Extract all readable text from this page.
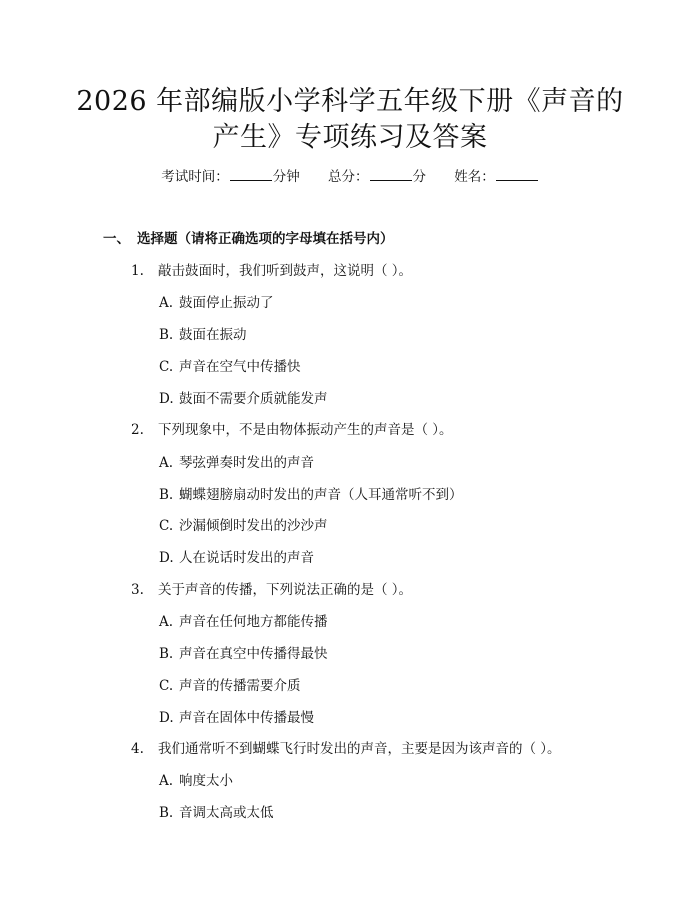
2026 年部编版小学科学五年级下册《声音的
产生》专项练习及答案
考试时间：	分钟 总分：	分 姓名：
一、 选择题（请将正确选项的字母填在括号内）
1. 敲击鼓面时，我们听到鼓声，这说明（ ）。
A. 鼓面停止振动了
B. 鼓面在振动
C. 声音在空气中传播快
D. 鼓面不需要介质就能发声
2. 下列现象中，不是由物体振动产生的声音是（ ）。
A. 琴弦弹奏时发出的声音
B. 蝴蝶翅膀扇动时发出的声音（人耳通常听不到）
C. 沙漏倾倒时发出的沙沙声
D. 人在说话时发出的声音
3. 关于声音的传播，下列说法正确的是（ ）。
A. 声音在任何地方都能传播
B. 声音在真空中传播得最快
C. 声音的传播需要介质
D. 声音在固体中传播最慢
4. 我们通常听不到蝴蝶飞行时发出的声音，主要是因为该声音的（ ）。
A. 响度太小
B. 音调太高或太低
